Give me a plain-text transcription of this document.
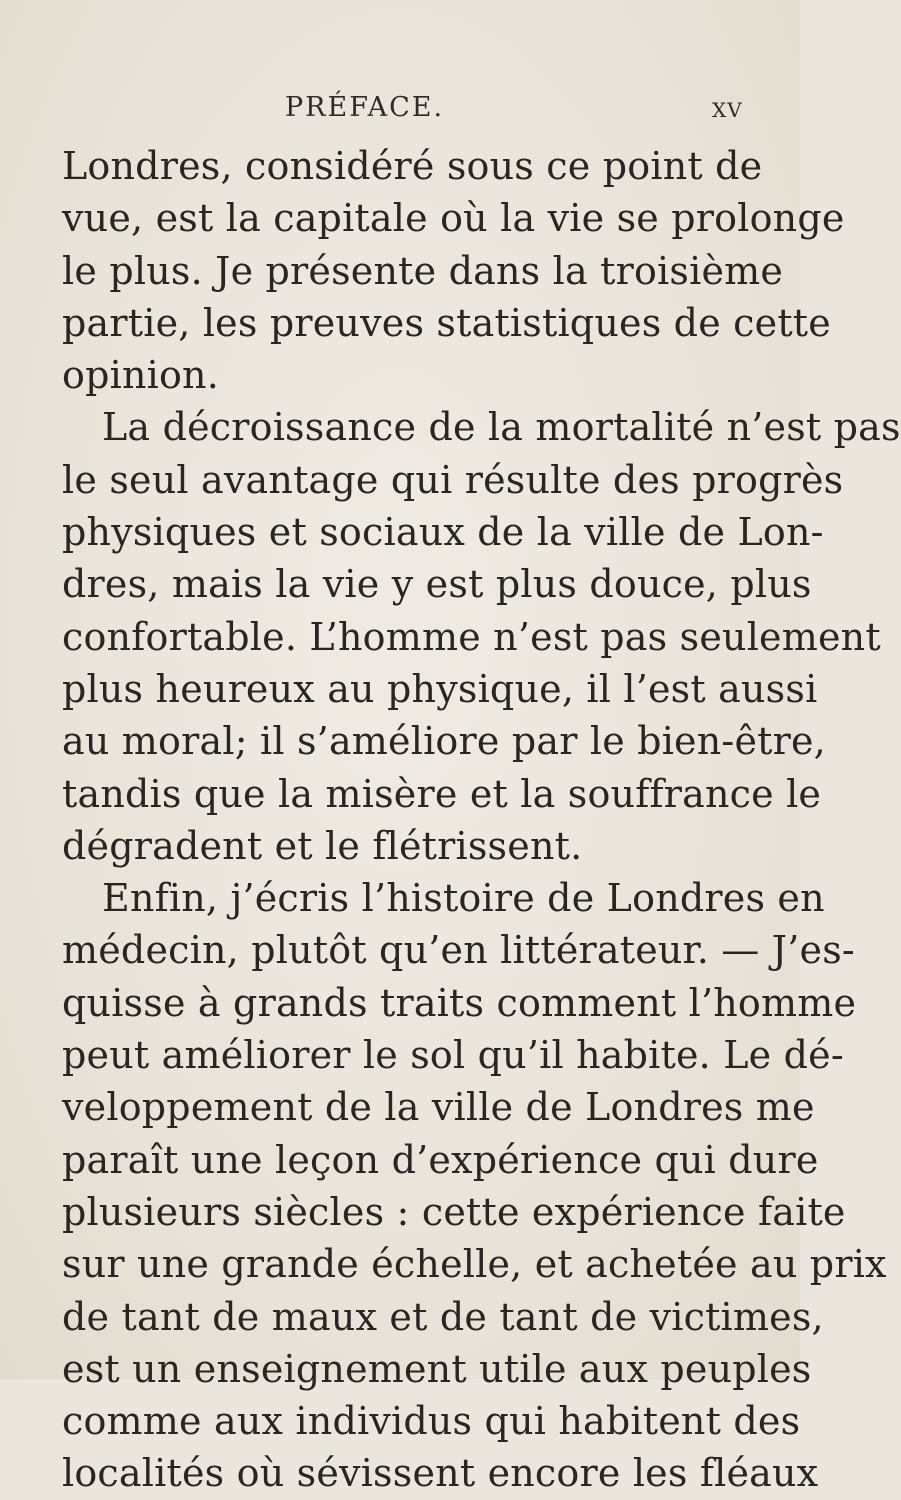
PRÉFACE.	XV
Londres, considéré sous ce point de
vue, est la capitale où la vie se prolonge
le plus. Je présente dans la troisième
partie, les preuves statistiques de cette
opinion.
La décroissance de la mortalité n’est pas
le seul avantage qui résulte des progrès
physiques et sociaux de la ville de Lon-
dres, mais la vie y est plus douce, plus
confortable. L’homme n’est pas seulement
plus heureux au physique, il l’est aussi
au moral; il s’améliore par le bien-être,
tandis que la misère et la souffrance le
dégradent et le flétrissent.
Enfin, j’écris l’histoire de Londres en
médecin, plutôt qu’en littérateur. — J’es-
quisse à grands traits comment l’homme
peut améliorer le sol qu’il habite. Le dé-
veloppement de la ville de Londres me
paraît une leçon d’expérience qui dure
plusieurs siècles : cette expérience faite
sur une grande échelle, et achetée au prix
de tant de maux et de tant de victimes,
est un enseignement utile aux peuples
comme aux individus qui habitent des
localités où sévissent encore les fléaux
